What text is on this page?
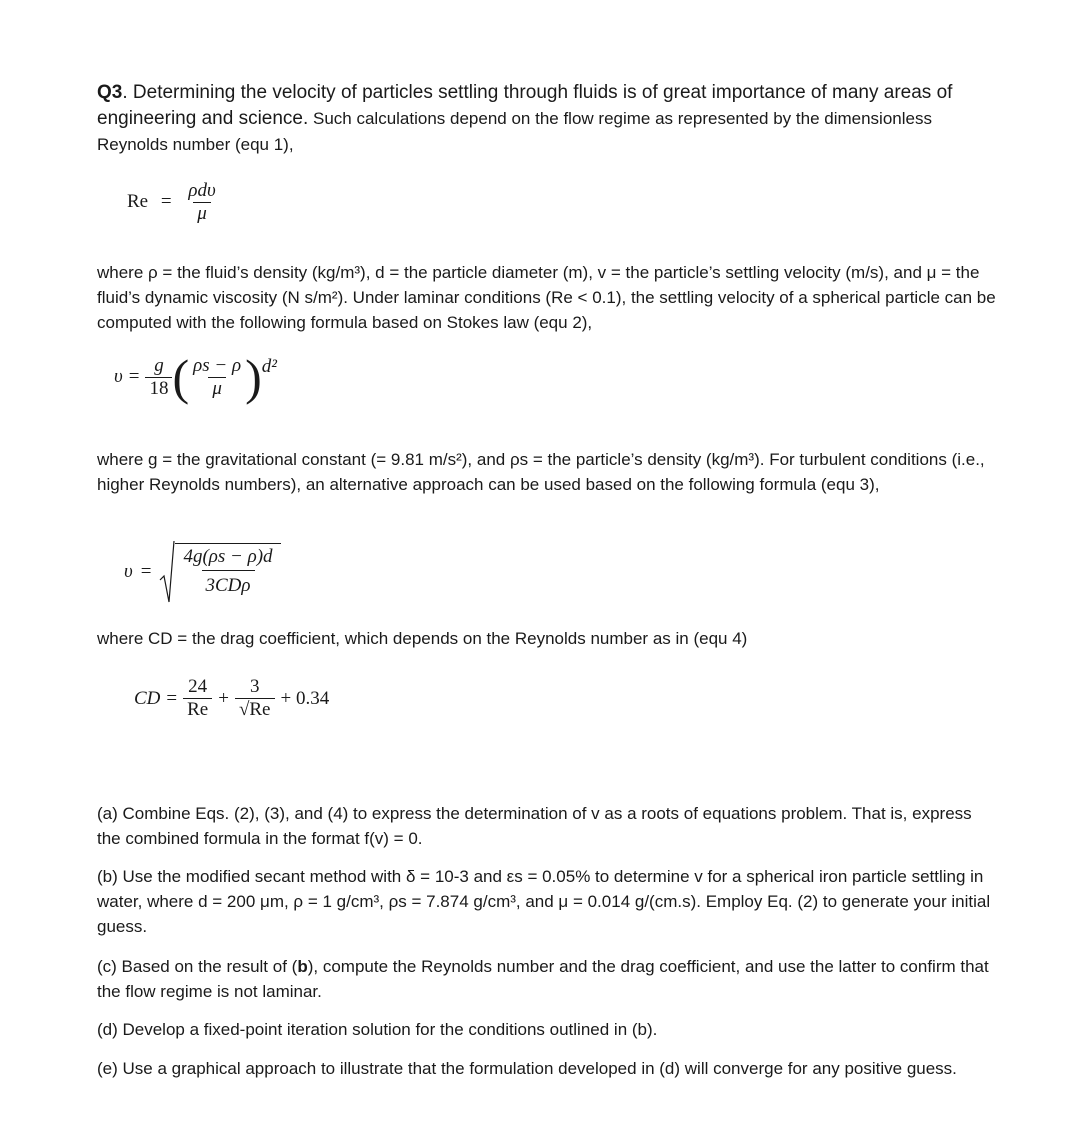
Q3. Determining the velocity of particles settling through fluids is of great importance of many areas of engineering and science. Such calculations depend on the flow regime as represented by the dimensionless Reynolds number (equ 1),
$Re = \frac{\text{ρdυ}}{\mu}$
where ρ = the fluid’s density (kg/m³), d = the particle diameter (m), v = the particle’s settling velocity (m/s), and μ = the fluid’s dynamic viscosity (N s/m²). Under laminar conditions (Re < 0.1), the settling velocity of a spherical particle can be computed with the following formula based on Stokes law (equ 2),
$\upsilon = \frac{g}{18}$ ( $\frac{\rho s - \rho}{\mu}$ ) d²
where g = the gravitational constant (= 9.81 m/s²), and ρs = the particle’s density (kg/m³). For turbulent conditions (i.e., higher Reynolds numbers), an alternative approach can be used based on the following formula (equ 3),
$\upsilon = \frac{4g(\rho s - \rho)d}{\text{3CDρ}}$
where CD = the drag coefficient, which depends on the Reynolds number as in (equ 4)
CD = $\frac{24}{Re} + \frac{3}{√Re} + 0.34$
(a) Combine Eqs. (2), (3), and (4) to express the determination of v as a roots of equations problem. That is, express the combined formula in the format f(v) = 0.
(b) Use the modified secant method with δ = 10-3 and εs = 0.05% to determine v for a spherical iron particle settling in water, where d = 200 μm, ρ = 1 g/cm³, ρs = 7.874 g/cm³, and μ = 0.014 g/(cm.s). Employ Eq. (2) to generate your initial guess.
(c) Based on the result of (b), compute the Reynolds number and the drag coefficient, and use the latter to confirm that the flow regime is not laminar.
(d) Develop a fixed-point iteration solution for the conditions outlined in (b).
(e) Use a graphical approach to illustrate that the formulation developed in (d) will converge for any positive guess.
